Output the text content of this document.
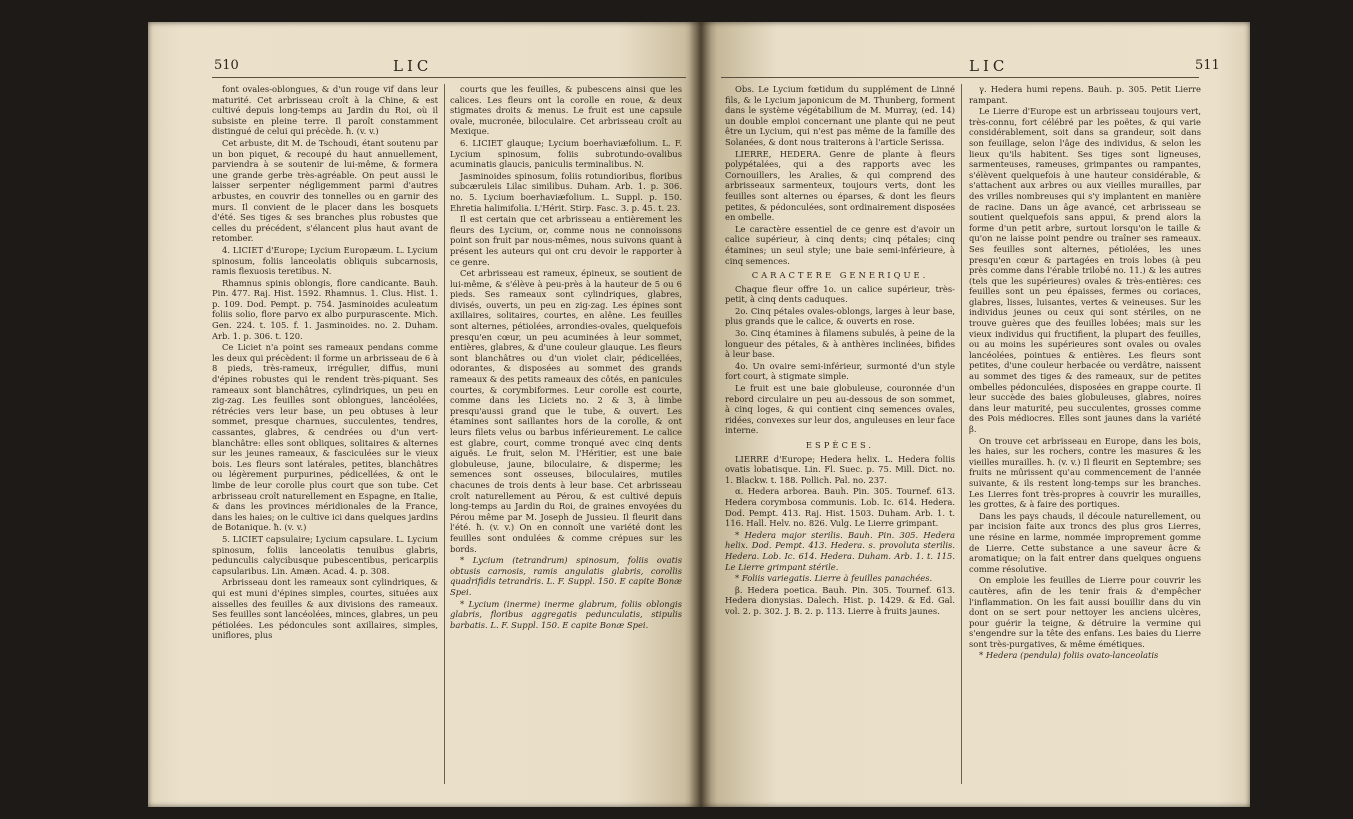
510	LIC

font ovales-oblongues, & d'un rouge vif dans leur maturité. Cet arbrisseau croît à la Chine, & est cultivé depuis long-temps au Jardin du Roi, où il subsiste en pleine terre. Il paroît constamment distingué de celui qui précède. ħ. (v. v.)

Cet arbuste, dit M. de Tschoudi, étant soutenu par un bon piquet, & recoupé du haut annuellement, parviendra à se soutenir de lui-même, & formera une grande gerbe très-agréable. On peut aussi le laisser serpenter négligemment parmi d'autres arbustes, en couvrir des tonnelles ou en garnir des murs. Il convient de le placer dans les bosquets d'été. Ses tiges & ses branches plus robustes que celles du précédent, s'élancent plus haut avant de retomber.

4. LICIET d'Europe; Lycium Europæum. L. Lycium spinosum, foliis lanceolatis obliquis subcarnosis, ramis flexuosis teretibus. N.

Rhamnus spinis oblongis, flore candicante. Bauh. Pin. 477. Raj. Hist. 1592. Rhamnus. 1. Clus. Hist. 1. p. 109. Dod. Pempt. p. 754. Jasminoides aculeatum foliis solio, flore parvo ex albo purpurascente. Mich. Gen. 224. t. 105. f. 1. Jasminoides. no. 2. Duham. Arb. 1. p. 306. t. 120.

Ce Liciet n'a point ses rameaux pendans comme les deux qui précèdent: il forme un arbrisseau de 6 à 8 pieds, très-rameux, irrégulier, diffus, muni d'épines robustes qui le rendent très-piquant. Ses rameaux sont blanchâtres, cylindriques, un peu en zig-zag. Les feuilles sont oblongues, lancéolées, rétrécies vers leur base, un peu obtuses à leur sommet, presque charnues, succulentes, tendres, cassantes, glabres, & cendrées ou d'un vert-blanchâtre: elles sont obliques, solitaires & alternes sur les jeunes rameaux, & fasciculées sur le vieux bois. Les fleurs sont latérales, petites, blanchâtres ou légèrement purpurines, pédicellées, & ont le limbe de leur corolle plus court que son tube. Cet arbrisseau croît naturellement en Espagne, en Italie, & dans les provinces méridionales de la France, dans les haies; on le cultive ici dans quelques jardins de Botanique. ħ. (v. v.)

5. LICIET capsulaire; Lycium capsulare. L. Lycium spinosum, foliis lanceolatis tenuibus glabris, pedunculis calycibusque pubescentibus, pericarpiis capsularibus. Lin. Amæn. Acad. 4. p. 308.

Arbrisseau dont les rameaux sont cylindriques, & qui est muni d'épines simples, courtes, situées aux aisselles des feuilles & aux divisions des rameaux. Ses feuilles sont lancéolées, minces, glabres, un peu pétiolées. Les pédoncules sont axillaires, simples, uniflores, plus

courts que les feuilles, & pubescens ainsi que les calices. Les fleurs ont la corolle en roue, & deux stigmates droits & menus. Le fruit est une capsule ovale, mucronée, biloculaire. Cet arbrisseau croît au Mexique.

6. LICIET glauque; Lycium boerhaviæfolium. L. F. Lycium spinosum, foliis subrotundo-ovalibus acuminatis glaucis, paniculis terminalibus. N.

Jasminoides spinosum, foliis rotundioribus, floribus subcæruleis Lilac similibus. Duham. Arb. 1. p. 306. no. 5. Lycium boerhaviæfolium. L. Suppl. p. 150. Ehretia halimifolia. L'Hérit. Stirp. Fasc. 3. p. 45. t. 23.

Il est certain que cet arbrisseau a entièrement les fleurs des Lycium, or, comme nous ne connoissons point son fruit par nous-mêmes, nous suivons quant à présent les auteurs qui ont cru devoir le rapporter à ce genre.

Cet arbrisseau est rameux, épineux, se soutient de lui-même, & s'élève à peu-près à la hauteur de 5 ou 6 pieds. Ses rameaux sont cylindriques, glabres, divisés, ouverts, un peu en zig-zag. Les épines sont axillaires, solitaires, courtes, en alêne. Les feuilles sont alternes, pétiolées, arrondies-ovales, quelquefois presqu'en cœur, un peu acuminées à leur sommet, entières, glabres, & d'une couleur glauque. Les fleurs sont blanchâtres ou d'un violet clair, pédicellées, odorantes, & disposées au sommet des grands rameaux & des petits rameaux des côtés, en panicules courtes, & corymbiformes. Leur corolle est courte, comme dans les Liciets no. 2 & 3, à limbe presqu'aussi grand que le tube, & ouvert. Les étamines sont saillantes hors de la corolle, & ont leurs filets velus ou barbus inférieurement. Le calice est glabre, court, comme tronqué avec cinq dents aiguës. Le fruit, selon M. l'Héritier, est une baie globuleuse, jaune, biloculaire, & disperme; les semences sont osseuses, biloculaires, mutiles chacunes de trois dents à leur base. Cet arbrisseau croît naturellement au Pérou, & est cultivé depuis long-temps au Jardin du Roi, de graines envoyées du Pérou même par M. Joseph de Jussieu. Il fleurit dans l'été. ħ. (v. v.) On en connoît une variété dont les feuilles sont ondulées & comme crépues sur les bords.

* Lycium (tetrandrum) spinosum, foliis ovatis obtusis carnosis, ramis angulatis glabris, corollis quadrifidis tetrandris. L. F. Suppl. 150. E capite Bonæ Spei.

* Lycium (inerme) inerme glabrum, foliis oblongis glabris, floribus aggregatis pedunculatis, stipulis barbatis. L. F. Suppl. 150. E capite Bonæ Spei.

LIC	511

Obs. Le Lycium fœtidum du supplément de Linné fils, & le Lycium japonicum de M. Thunberg, forment dans le système végétabilium de M. Murray, (ed. 14) un double emploi concernant une plante qui ne peut être un Lycium, qui n'est pas même de la famille des Solanées, & dont nous traiterons à l'article Serissa.

LIERRE, HEDERA. Genre de plante à fleurs polypétalées, qui a des rapports avec les Cornouillers, les Aralies, & qui comprend des arbrisseaux sarmenteux, toujours verts, dont les feuilles sont alternes ou éparses, & dont les fleurs petites, & pédonculées, sont ordinairement disposées en ombelle.

Le caractère essentiel de ce genre est d'avoir un calice supérieur, à cinq dents; cinq pétales; cinq étamines; un seul style; une baie semi-inférieure, à cinq semences.

CARACTERE GENERIQUE.

Chaque fleur offre 1o. un calice supérieur, très-petit, à cinq dents caduques.

2o. Cinq pétales ovales-oblongs, larges à leur base, plus grands que le calice, & ouverts en rose.

3o. Cinq étamines à filamens subulés, à peine de la longueur des pétales, & à anthères inclinées, bifides à leur base.

4o. Un ovaire semi-inférieur, surmonté d'un style fort court, à stigmate simple.

Le fruit est une baie globuleuse, couronnée d'un rebord circulaire un peu au-dessous de son sommet, à cinq loges, & qui contient cinq semences ovales, ridées, convexes sur leur dos, anguleuses en leur face interne.

ESPÈCES.

LIERRE d'Europe; Hedera helix. L. Hedera foliis ovatis lobatisque. Lin. Fl. Suec. p. 75. Mill. Dict. no. 1. Blackw. t. 188. Pollich. Pal. no. 237.

α. Hedera arborea. Bauh. Pin. 305. Tournef. 613. Hedera corymbosa communis. Lob. Ic. 614. Hedera. Dod. Pempt. 413. Raj. Hist. 1503. Duham. Arb. 1. t. 116. Hall. Helv. no. 826. Vulg. Le Lierre grimpant.

* Hedera major sterilis. Bauh. Pin. 305. Hedera helix. Dod. Pempt. 413. Hedera. s. provoluta sterilis. Hedera. Lob. Ic. 614. Hedera. Duham. Arb. 1. t. 115. Le Lierre grimpant stérile.

* Foliis variegatis. Lierre à feuilles panachées.

β. Hedera poetica. Bauh. Pin. 305. Tournef. 613. Hedera dionysias. Dalech. Hist. p. 1429. & Ed. Gal. vol. 2. p. 302. J. B. 2. p. 113. Lierre à fruits jaunes.

γ. Hedera humi repens. Bauh. p. 305. Petit Lierre rampant.

Le Lierre d'Europe est un arbrisseau toujours vert, très-connu, fort célébré par les poëtes, & qui varie considérablement, soit dans sa grandeur, soit dans son feuillage, selon l'âge des individus, & selon les lieux qu'ils habitent. Ses tiges sont ligneuses, sarmenteuses, rameuses, grimpantes ou rampantes, s'élèvent quelquefois à une hauteur considérable, & s'attachent aux arbres ou aux vieilles murailles, par des vrilles nombreuses qui s'y implantent en manière de racine. Dans un âge avancé, cet arbrisseau se soutient quelquefois sans appui, & prend alors la forme d'un petit arbre, surtout lorsqu'on le taille & qu'on ne laisse point pendre ou traîner ses rameaux. Ses feuilles sont alternes, pétiolées, les unes presqu'en cœur & partagées en trois lobes (à peu près comme dans l'érable trilobé no. 11.) & les autres (tels que les supérieures) ovales & très-entières: ces feuilles sont un peu épaisses, fermes ou coriaces, glabres, lisses, luisantes, vertes & veineuses. Sur les individus jeunes ou ceux qui sont stériles, on ne trouve guères que des feuilles lobées; mais sur les vieux individus qui fructifient, la plupart des feuilles, ou au moins les supérieures sont ovales ou ovales lancéolées, pointues & entières. Les fleurs sont petites, d'une couleur herbacée ou verdâtre, naissent au sommet des tiges & des rameaux, sur de petites ombelles pédonculées, disposées en grappe courte. Il leur succède des baies globuleuses, glabres, noires dans leur maturité, peu succulentes, grosses comme des Pois médiocres. Elles sont jaunes dans la variété β.

On trouve cet arbrisseau en Europe, dans les bois, les haies, sur les rochers, contre les masures & les vieilles murailles. ħ. (v. v.) Il fleurit en Septembre; ses fruits ne mûrissent qu'au commencement de l'année suivante, & ils restent long-temps sur les branches. Les Lierres font très-propres à couvrir les murailles, les grottes, & à faire des portiques.

Dans les pays chauds, il découle naturellement, ou par incision faite aux troncs des plus gros Lierres, une résine en larme, nommée improprement gomme de Lierre. Cette substance a une saveur âcre & aromatique; on la fait entrer dans quelques onguens comme résolutive.

On emploie les feuilles de Lierre pour couvrir les cautères, afin de les tenir frais & d'empêcher l'inflammation. On les fait aussi bouillir dans du vin dont on se sert pour nettoyer les anciens ulcères, pour guérir la teigne, & détruire la vermine qui s'engendre sur la tête des enfans. Les baies du Lierre sont très-purgatives, & même émétiques.

* Hedera (pendula) foliis ovato-lanceolatis
